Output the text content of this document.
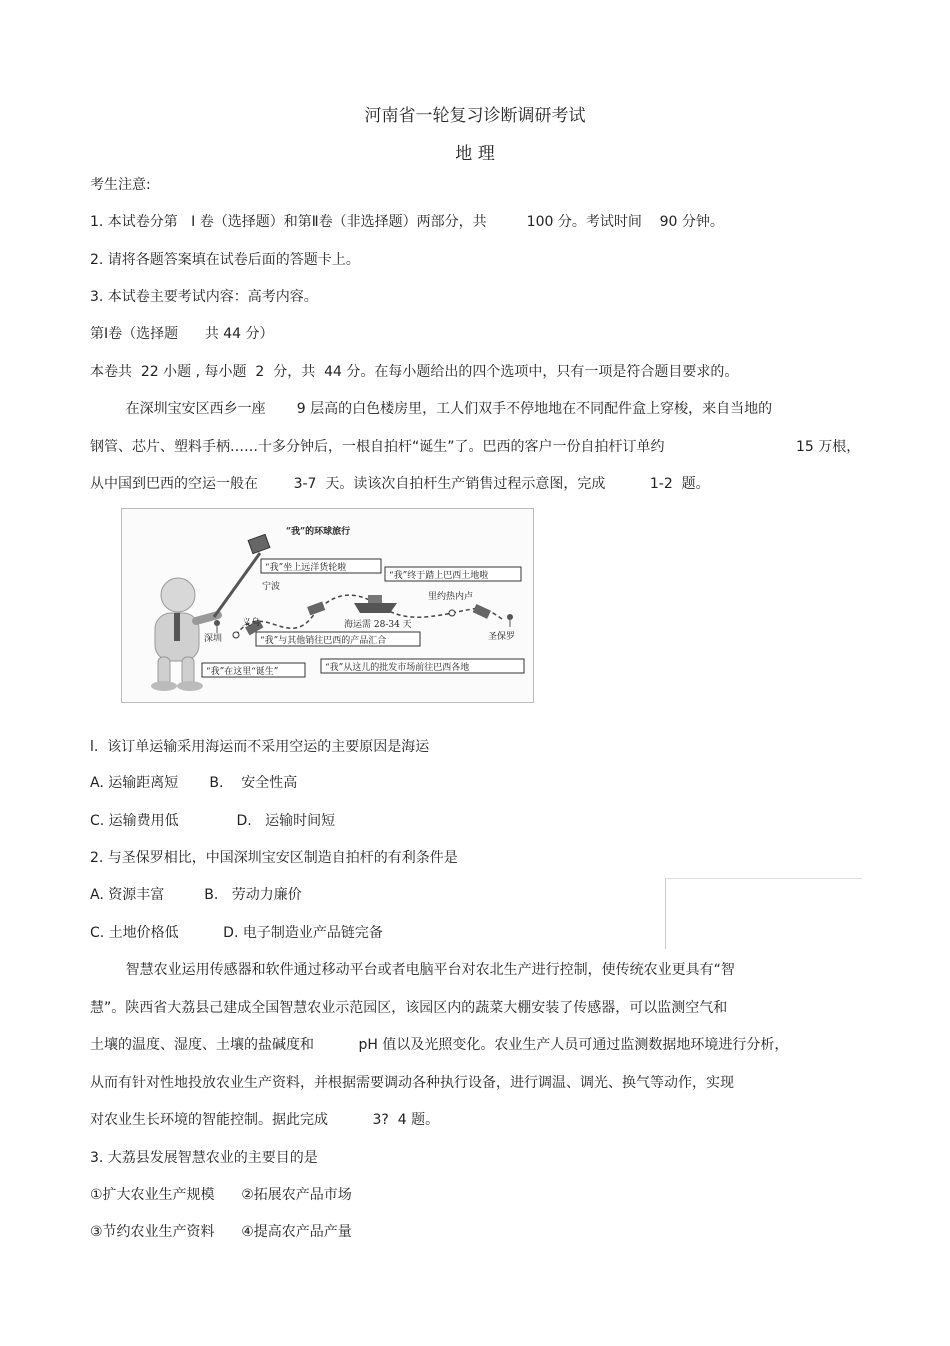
河南省一轮复习诊断调研考试
地 理
考生注意:
1. 本试卷分第   Ⅰ 卷（选择题）和第Ⅱ卷（非选择题）两部分，共         100 分。考试时间    90 分钟。
2. 请将各题答案填在试卷后面的答题卡上。
3. 本试卷主要考试内容：高考内容。
第Ⅰ卷（选择题      共 44 分）
本卷共  22 小题 , 每小题  2  分，共  44 分。在每小题给出的四个选项中，只有一项是符合题目要求的。
在深圳宝安区西乡一座       9 层高的白色楼房里，工人们双手不停地地在不同配件盒上穿梭，来自当地的
钢管、芯片、塑料手柄……十多分钟后，一根自拍杆“诞生”了。巴西的客户一份自拍杆订单约	15 万根，
从中国到巴西的空运一般在        3-7  天。读该次自拍杆生产销售过程示意图，完成          1-2  题。
“我”的环球旅行
“我”坐上远洋货轮啦
宁波
“我”终于踏上巴西土地啦
里约热内卢
义乌	海运需 28-34 天
深圳	圣保罗
“我”与其他销往巴西的产品汇合
“我”在这里“诞生”	“我”从这儿的批发市场前往巴西各地
l.  该订单运输采用海运而不采用空运的主要原因是海运
A. 运输距离短       B.    安全性高
C. 运输费用低             D.   运输时间短
2. 与圣保罗相比，中国深圳宝安区制造自拍杆的有利条件是
A. 资源丰富         B.   劳动力廉价
C. 土地价格低          D. 电子制造业产品链完备
智慧农业运用传感器和软件通过移动平台或者电脑平台对农北生产进行控制，使传统农业更具有“智
慧”。陕西省大荔县己建成全国智慧农业示范园区，该园区内的蔬菜大棚安装了传感器，可以监测空气和
土壤的温度、湿度、土壤的盐碱度和          pH 值以及光照变化。农业生产人员可通过监测数据地环境进行分析，
从而有针对性地投放农业生产资料，并根据需要调动各种执行设备，进行调温、调光、换气等动作，实现
对农业生长环境的智能控制。据此完成          3?  4 题。
3. 大荔县发展智慧农业的主要目的是
①扩大农业生产规模      ②拓展农产品市场
③节约农业生产资料      ④提高农产品产量
